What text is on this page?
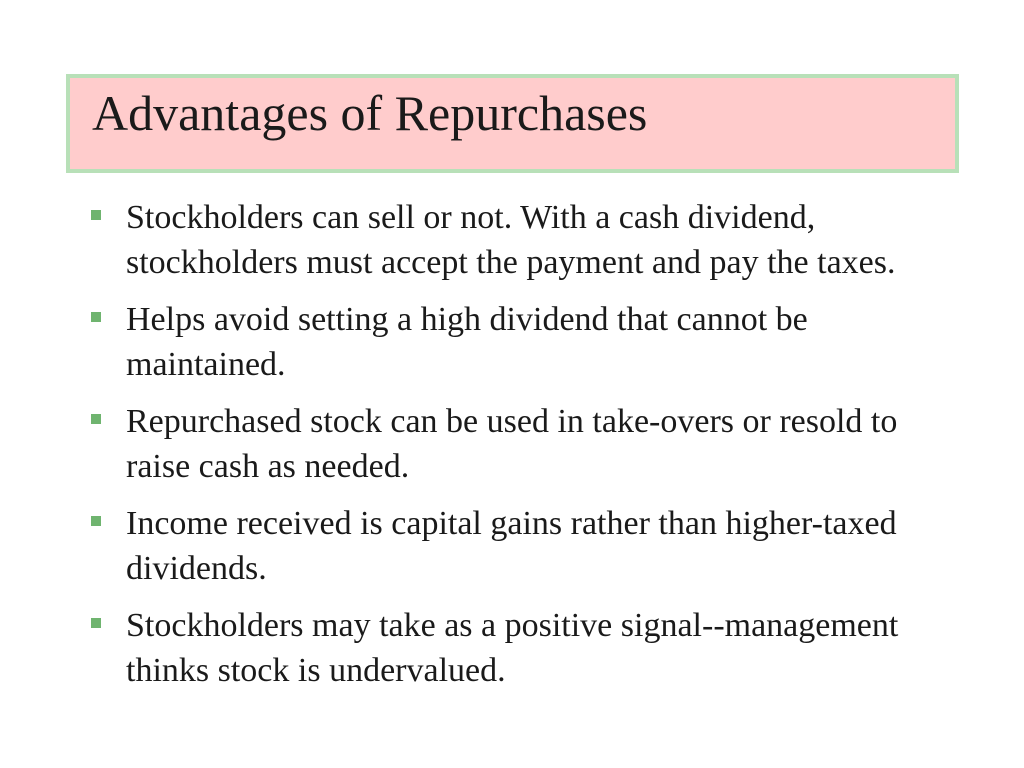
Advantages of Repurchases
Stockholders can sell or not. With a cash dividend, stockholders must accept the payment and pay the taxes.
Helps avoid setting a high dividend that cannot be maintained.
Repurchased stock can be used in take-overs or resold to raise cash as needed.
Income received is capital gains rather than higher-taxed dividends.
Stockholders may take as a positive signal--management thinks stock is undervalued.
